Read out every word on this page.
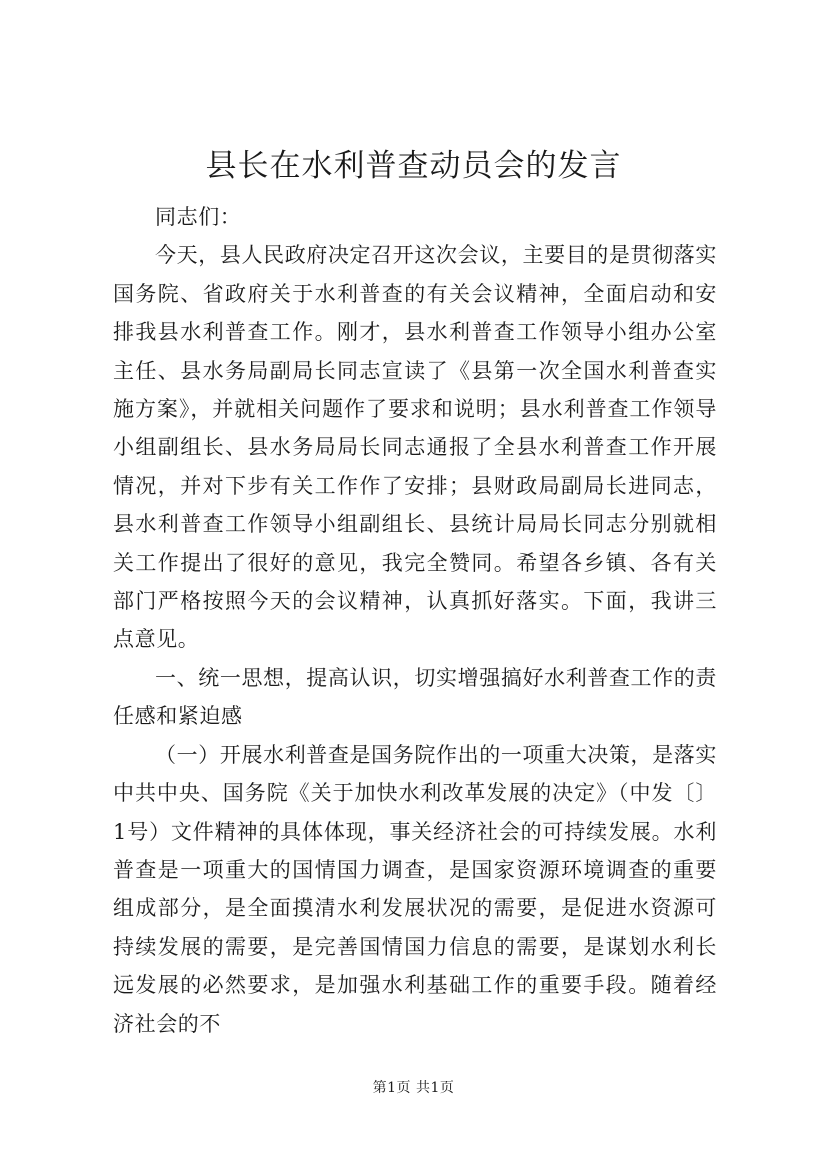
县长在水利普查动员会的发言

同志们：

今天，县人民政府决定召开这次会议，主要目的是贯彻落实国务院、省政府关于水利普查的有关会议精神，全面启动和安排我县水利普查工作。刚才，县水利普查工作领导小组办公室主任、县水务局副局长同志宣读了《县第一次全国水利普查实施方案》，并就相关问题作了要求和说明；县水利普查工作领导小组副组长、县水务局局长同志通报了全县水利普查工作开展情况，并对下步有关工作作了安排；县财政局副局长进同志，县水利普查工作领导小组副组长、县统计局局长同志分别就相关工作提出了很好的意见，我完全赞同。希望各乡镇、各有关部门严格按照今天的会议精神，认真抓好落实。下面，我讲三点意见。

一、统一思想，提高认识，切实增强搞好水利普查工作的责任感和紧迫感

（一）开展水利普查是国务院作出的一项重大决策，是落实中共中央、国务院《关于加快水利改革发展的决定》（中发〔〕1号）文件精神的具体体现，事关经济社会的可持续发展。水利普查是一项重大的国情国力调查，是国家资源环境调查的重要组成部分，是全面摸清水利发展状况的需要，是促进水资源可持续发展的需要，是完善国情国力信息的需要，是谋划水利长远发展的必然要求，是加强水利基础工作的重要手段。随着经济社会的不

第1页 共1页
